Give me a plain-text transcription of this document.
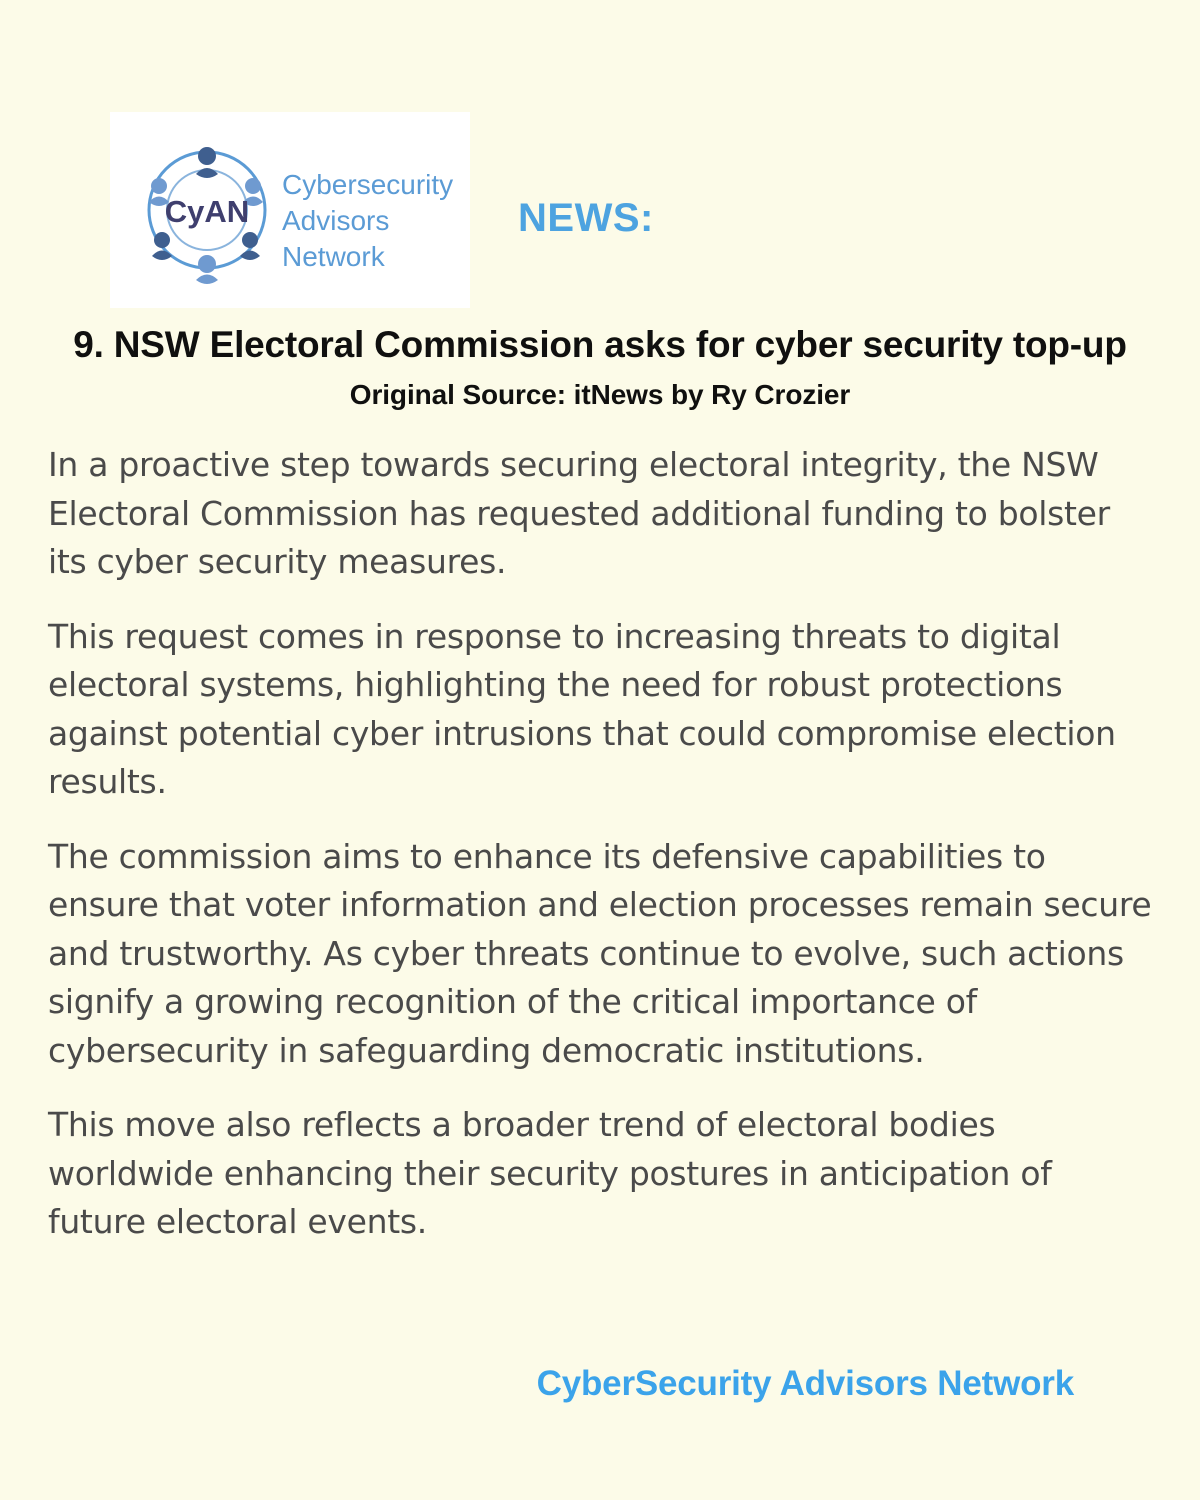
CyAN
Cybersecurity
Advisors
Network
NEWS:
9. NSW Electoral Commission asks for cyber security top-up

Original Source: itNews by Ry Crozier

In a proactive step towards securing electoral integrity, the NSW Electoral Commission has requested additional funding to bolster its cyber security measures.

This request comes in response to increasing threats to digital electoral systems, highlighting the need for robust protections against potential cyber intrusions that could compromise election results.

The commission aims to enhance its defensive capabilities to ensure that voter information and election processes remain secure and trustworthy. As cyber threats continue to evolve, such actions signify a growing recognition of the critical importance of cybersecurity in safeguarding democratic institutions.

This move also reflects a broader trend of electoral bodies worldwide enhancing their security postures in anticipation of future electoral events.

CyberSecurity Advisors Network
